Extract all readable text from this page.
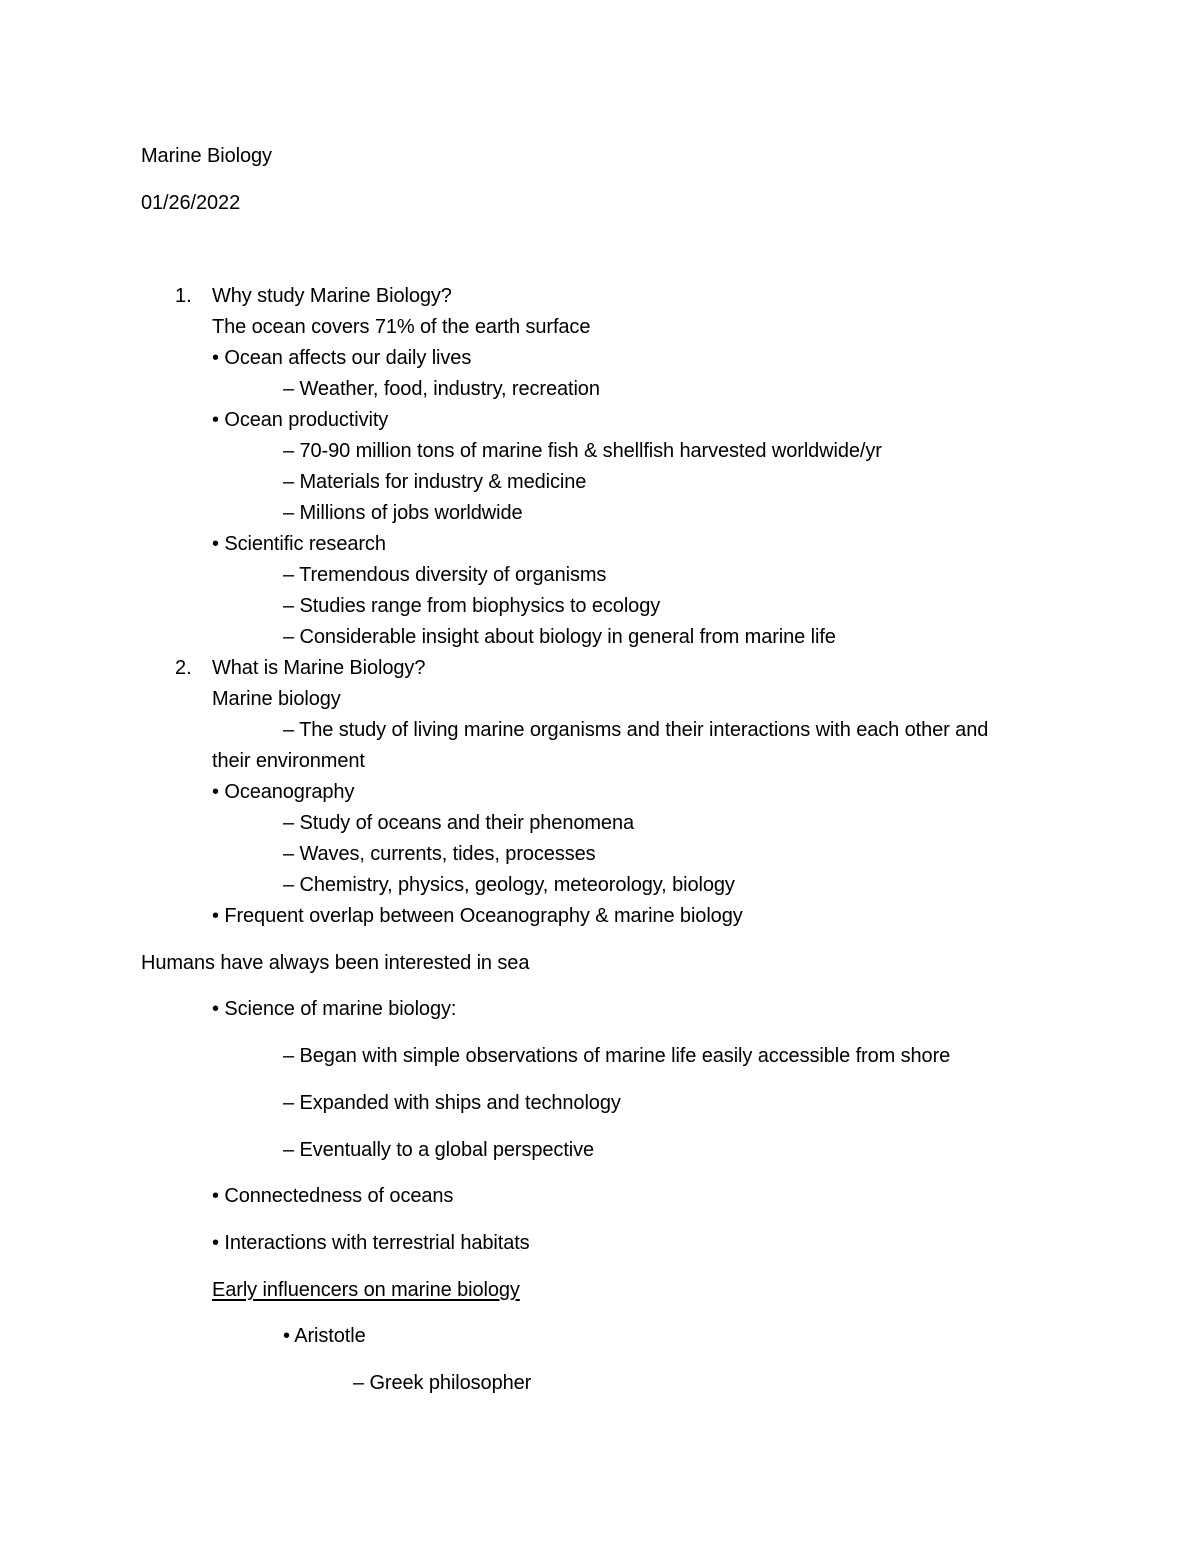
Marine Biology
01/26/2022
1. Why study Marine Biology?
The ocean covers 71% of the earth surface
• Ocean affects our daily lives
– Weather, food, industry, recreation
• Ocean productivity
– 70-90 million tons of marine fish & shellfish harvested worldwide/yr
– Materials for industry & medicine
– Millions of jobs worldwide
• Scientific research
– Tremendous diversity of organisms
– Studies range from biophysics to ecology
– Considerable insight about biology in general from marine life
2. What is Marine Biology?
Marine biology
– The study of living marine organisms and their interactions with each other and
their environment
• Oceanography
– Study of oceans and their phenomena
– Waves, currents, tides, processes
– Chemistry, physics, geology, meteorology, biology
• Frequent overlap between Oceanography & marine biology
Humans have always been interested in sea
• Science of marine biology:
– Began with simple observations of marine life easily accessible from shore
– Expanded with ships and technology
– Eventually to a global perspective
• Connectedness of oceans
• Interactions with terrestrial habitats
Early influencers on marine biology
• Aristotle
– Greek philosopher
